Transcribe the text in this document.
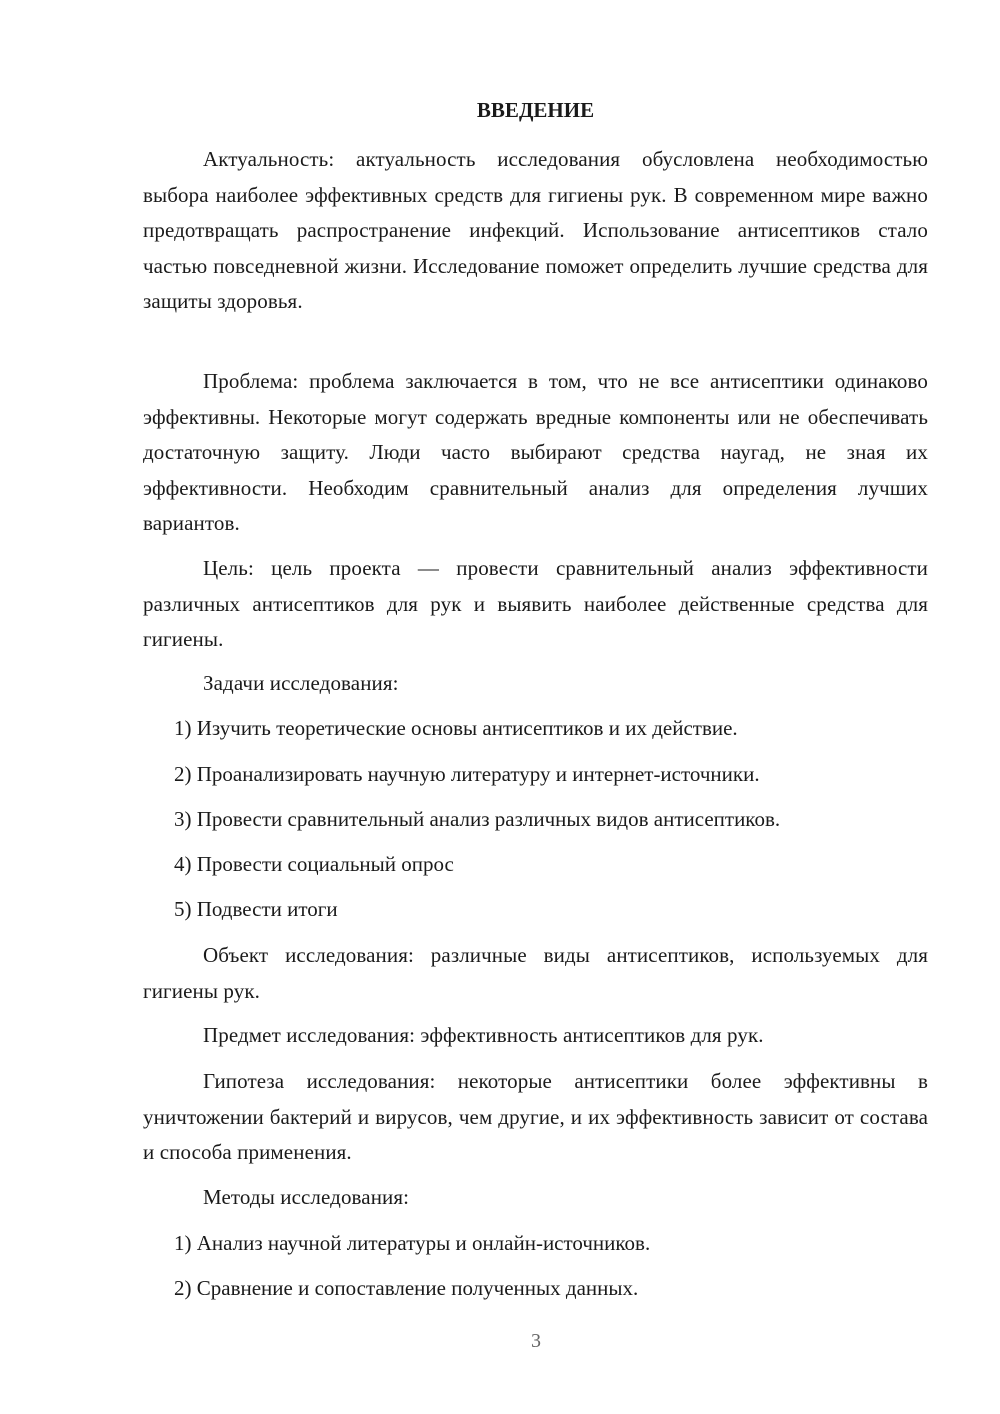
ВВЕДЕНИЕ

Актуальность: актуальность исследования обусловлена необходимостью выбора наиболее эффективных средств для гигиены рук. В современном мире важно предотвращать распространение инфекций. Использование антисептиков стало частью повседневной жизни. Исследование поможет определить лучшие средства для защиты здоровья.

Проблема: проблема заключается в том, что не все антисептики одинаково эффективны. Некоторые могут содержать вредные компоненты или не обеспечивать достаточную защиту. Люди часто выбирают средства наугад, не зная их эффективности. Необходим сравнительный анализ для определения лучших вариантов.

Цель: цель проекта — провести сравнительный анализ эффективности различных антисептиков для рук и выявить наиболее действенные средства для гигиены.

Задачи исследования:

1) Изучить теоретические основы антисептиков и их действие.

2) Проанализировать научную литературу и интернет-источники.

3) Провести сравнительный анализ различных видов антисептиков.

4) Провести социальный опрос

5) Подвести итоги

Объект исследования: различные виды антисептиков, используемых для гигиены рук.

Предмет исследования: эффективность антисептиков для рук.

Гипотеза исследования: некоторые антисептики более эффективны в уничтожении бактерий и вирусов, чем другие, и их эффективность зависит от состава и способа применения.

Методы исследования:

1) Анализ научной литературы и онлайн-источников.

2) Сравнение и сопоставление полученных данных.

3
